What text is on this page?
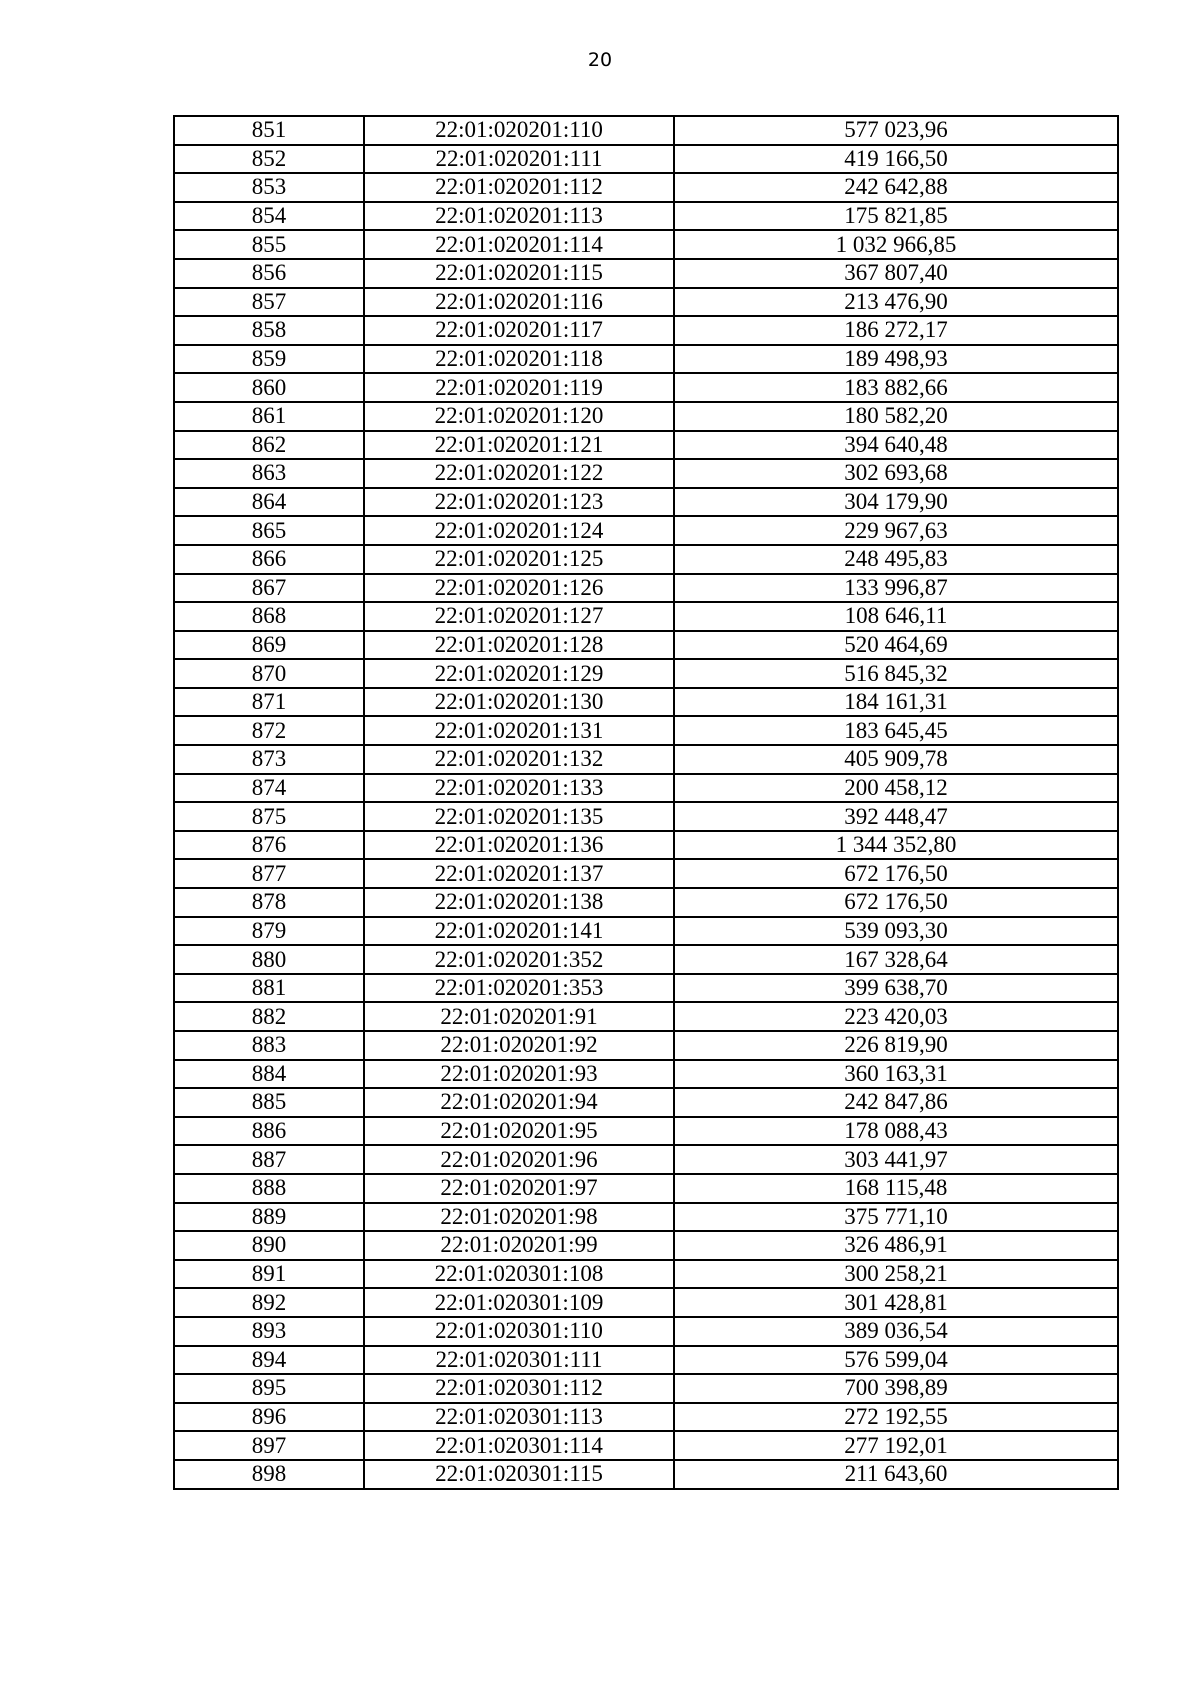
20
851	22:01:020201:110	577 023,96
852	22:01:020201:111	419 166,50
853	22:01:020201:112	242 642,88
854	22:01:020201:113	175 821,85
855	22:01:020201:114	1 032 966,85
856	22:01:020201:115	367 807,40
857	22:01:020201:116	213 476,90
858	22:01:020201:117	186 272,17
859	22:01:020201:118	189 498,93
860	22:01:020201:119	183 882,66
861	22:01:020201:120	180 582,20
862	22:01:020201:121	394 640,48
863	22:01:020201:122	302 693,68
864	22:01:020201:123	304 179,90
865	22:01:020201:124	229 967,63
866	22:01:020201:125	248 495,83
867	22:01:020201:126	133 996,87
868	22:01:020201:127	108 646,11
869	22:01:020201:128	520 464,69
870	22:01:020201:129	516 845,32
871	22:01:020201:130	184 161,31
872	22:01:020201:131	183 645,45
873	22:01:020201:132	405 909,78
874	22:01:020201:133	200 458,12
875	22:01:020201:135	392 448,47
876	22:01:020201:136	1 344 352,80
877	22:01:020201:137	672 176,50
878	22:01:020201:138	672 176,50
879	22:01:020201:141	539 093,30
880	22:01:020201:352	167 328,64
881	22:01:020201:353	399 638,70
882	22:01:020201:91	223 420,03
883	22:01:020201:92	226 819,90
884	22:01:020201:93	360 163,31
885	22:01:020201:94	242 847,86
886	22:01:020201:95	178 088,43
887	22:01:020201:96	303 441,97
888	22:01:020201:97	168 115,48
889	22:01:020201:98	375 771,10
890	22:01:020201:99	326 486,91
891	22:01:020301:108	300 258,21
892	22:01:020301:109	301 428,81
893	22:01:020301:110	389 036,54
894	22:01:020301:111	576 599,04
895	22:01:020301:112	700 398,89
896	22:01:020301:113	272 192,55
897	22:01:020301:114	277 192,01
898	22:01:020301:115	211 643,60
